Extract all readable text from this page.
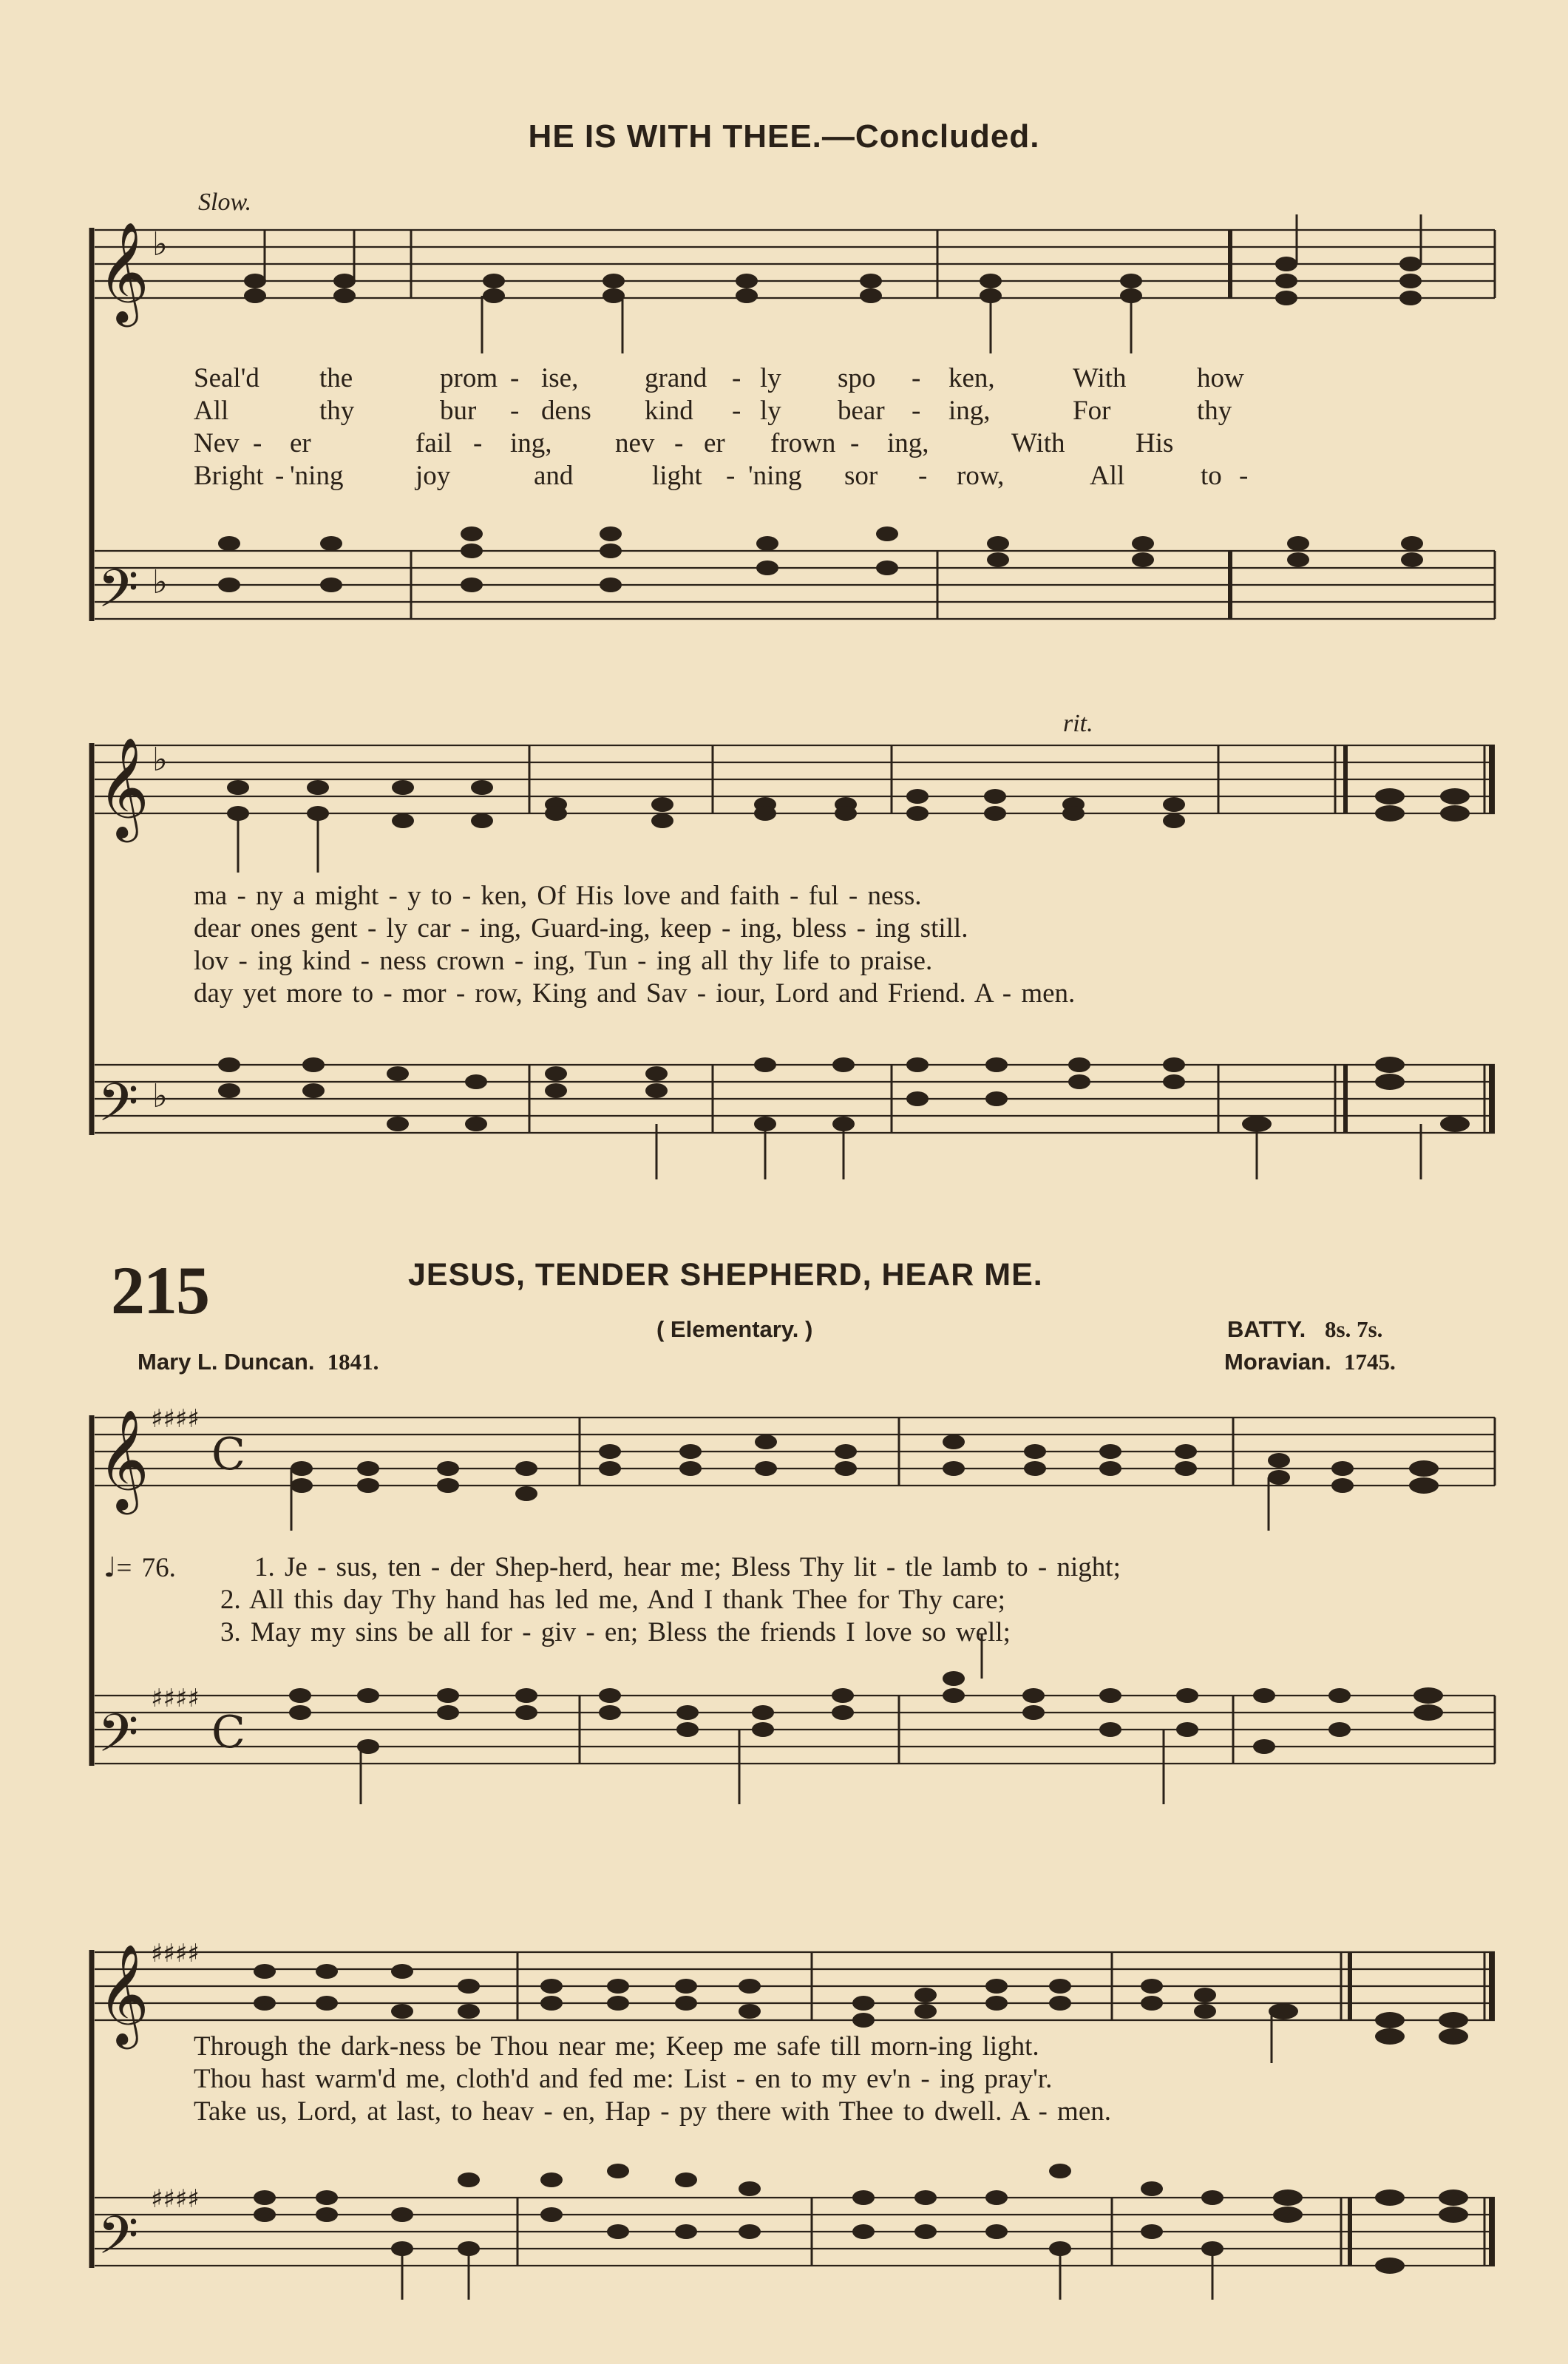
HE IS WITH THEE.—Concluded.
Slow.
rit.
𝄞
𝄢
𝄞
𝄢
𝄞
𝄢
𝄞
𝄢
♭
♭
♭
♭
♯♯♯♯
♯♯♯♯
♯♯♯♯
♯♯♯♯
C
C
Seal'd the	prom - ise, grand - ly spo - ken,	With	how
All	thy	bur - dens kind - ly bear - ing,	For	thy
Nev - er	fail - ing, nev - er frown - ing,	With	His
Bright - 'ning	joy	and	light - 'ning sor - row,	All	to -
ma - ny a might - y to - ken, Of His love and faith - ful - ness.
dear ones gent - ly car - ing, Guard-ing, keep - ing, bless - ing still.
lov - ing kind - ness crown - ing, Tun - ing all thy life to praise.
day yet more to - mor - row, King and Sav - iour, Lord and Friend. A - men.
215	JESUS, TENDER SHEPHERD, HEAR ME.
( Elementary. )	BATTY. 8s. 7s.
Mary L. Duncan. 1841.	Moravian. 1745.
♩= 76.	1. Je - sus, ten - der Shep-herd, hear me; Bless Thy lit - tle lamb to - night;
2. All this day Thy hand has led me, And I thank Thee for Thy care;
3. May my sins be all for - giv - en; Bless the friends I love so well;
Through the dark-ness be Thou near me; Keep me safe till morn-ing light.
Thou hast warm'd me, cloth'd and fed me: List - en to my ev'n - ing pray'r.
Take us, Lord, at last, to heav - en, Hap - py there with Thee to dwell. A - men.
